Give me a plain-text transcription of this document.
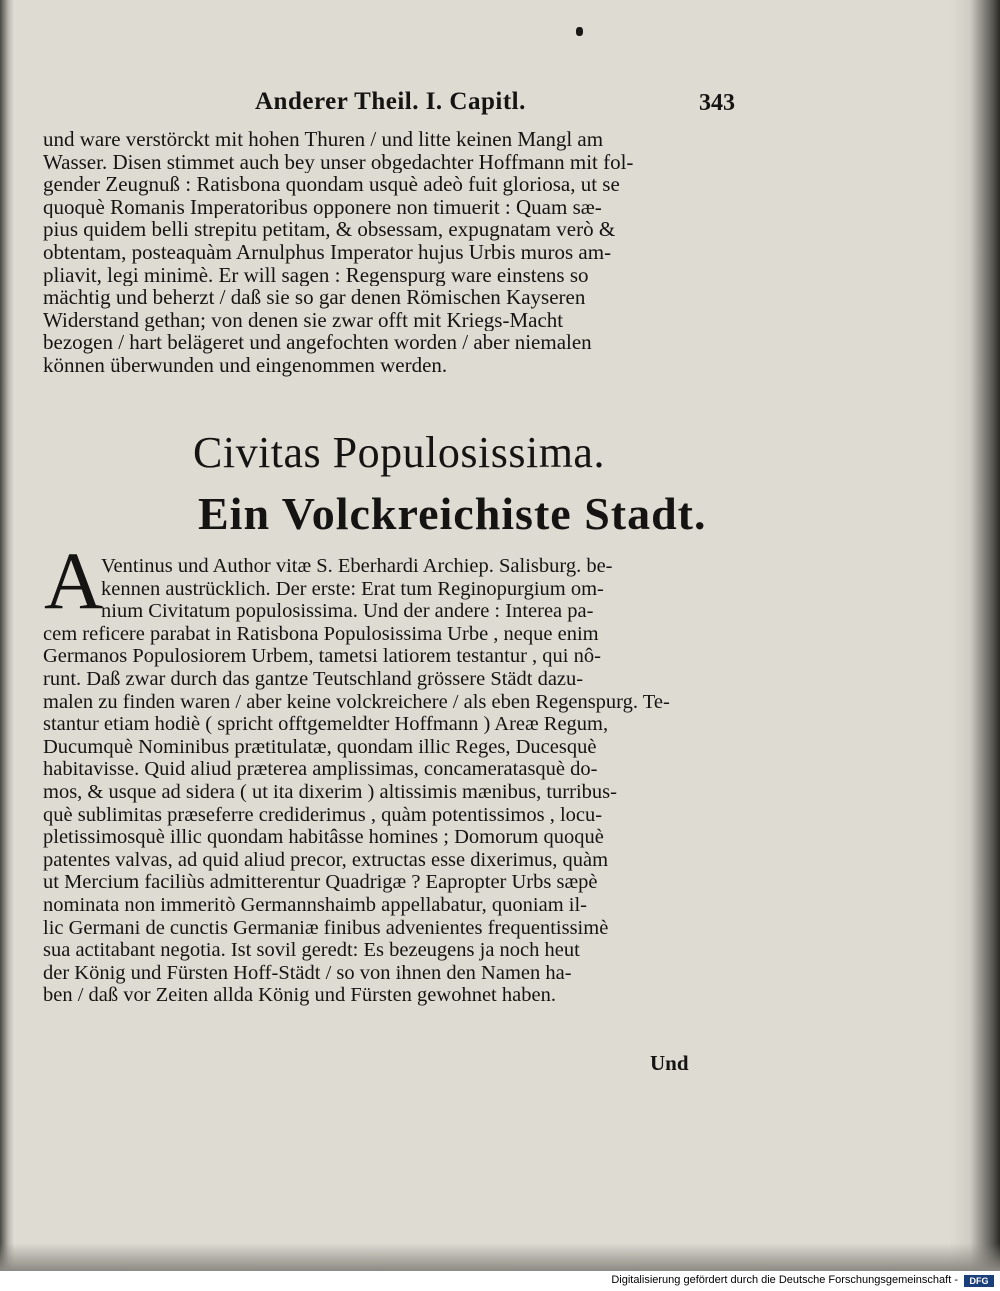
Anderer Theil. I. Capitl.	343
und ware verstörckt mit hohen Thuren / und litte keinen Mangl am
Wasser. Disen stimmet auch bey unser obgedachter Hoffmann mit fol-
gender Zeugnuß : Ratisbona quondam usquè adeò fuit gloriosa, ut se
quoquè Romanis Imperatoribus opponere non timuerit : Quam sæ-
pius quidem belli strepitu petitam, & obsessam, expugnatam verò &
obtentam, posteaquàm Arnulphus Imperator hujus Urbis muros am-
pliavit, legi minimè. Er will sagen : Regenspurg ware einstens so
mächtig und beherzt / daß sie so gar denen Römischen Kayseren
Widerstand gethan; von denen sie zwar offt mit Kriegs-Macht
bezogen / hart belägeret und angefochten worden / aber niemalen
können überwunden und eingenommen werden.
Civitas Populosissima.
Ein Volckreichiste Stadt.
A
Ventinus und Author vitæ S. Eberhardi Archiep. Salisburg. be-
kennen austrücklich. Der erste: Erat tum Reginopurgium om-
nium Civitatum populosissima. Und der andere : Interea pa-
cem reficere parabat in Ratisbona Populosissima Urbe , neque enim
Germanos Populosiorem Urbem, tametsi latiorem testantur , qui nô-
runt. Daß zwar durch das gantze Teutschland grössere Städt dazu-
malen zu finden waren / aber keine volckreichere / als eben Regenspurg. Te-
stantur etiam hodiè ( spricht offtgemeldter Hoffmann ) Areæ Regum,
Ducumquè Nominibus prætitulatæ, quondam illic Reges, Ducesquè
habitavisse. Quid aliud præterea amplissimas, concameratasquè do-
mos, & usque ad sidera ( ut ita dixerim ) altissimis mænibus, turribus-
què sublimitas præseferre crediderimus , quàm potentissimos , locu-
pletissimosquè illic quondam habitâsse homines ; Domorum quoquè
patentes valvas, ad quid aliud precor, extructas esse dixerimus, quàm
ut Mercium faciliùs admitterentur Quadrigæ ? Eapropter Urbs sæpè
nominata non immeritò Germannshaimb appellabatur, quoniam il-
lic Germani de cunctis Germaniæ finibus advenientes frequentissimè
sua actitabant negotia. Ist sovil geredt: Es bezeugens ja noch heut
der König und Fürsten Hoff-Städt / so von ihnen den Namen ha-
ben / daß vor Zeiten allda König und Fürsten gewohnet haben.
Und
Digitalisierung gefördert durch die Deutsche Forschungsgemeinschaft -	DFG
